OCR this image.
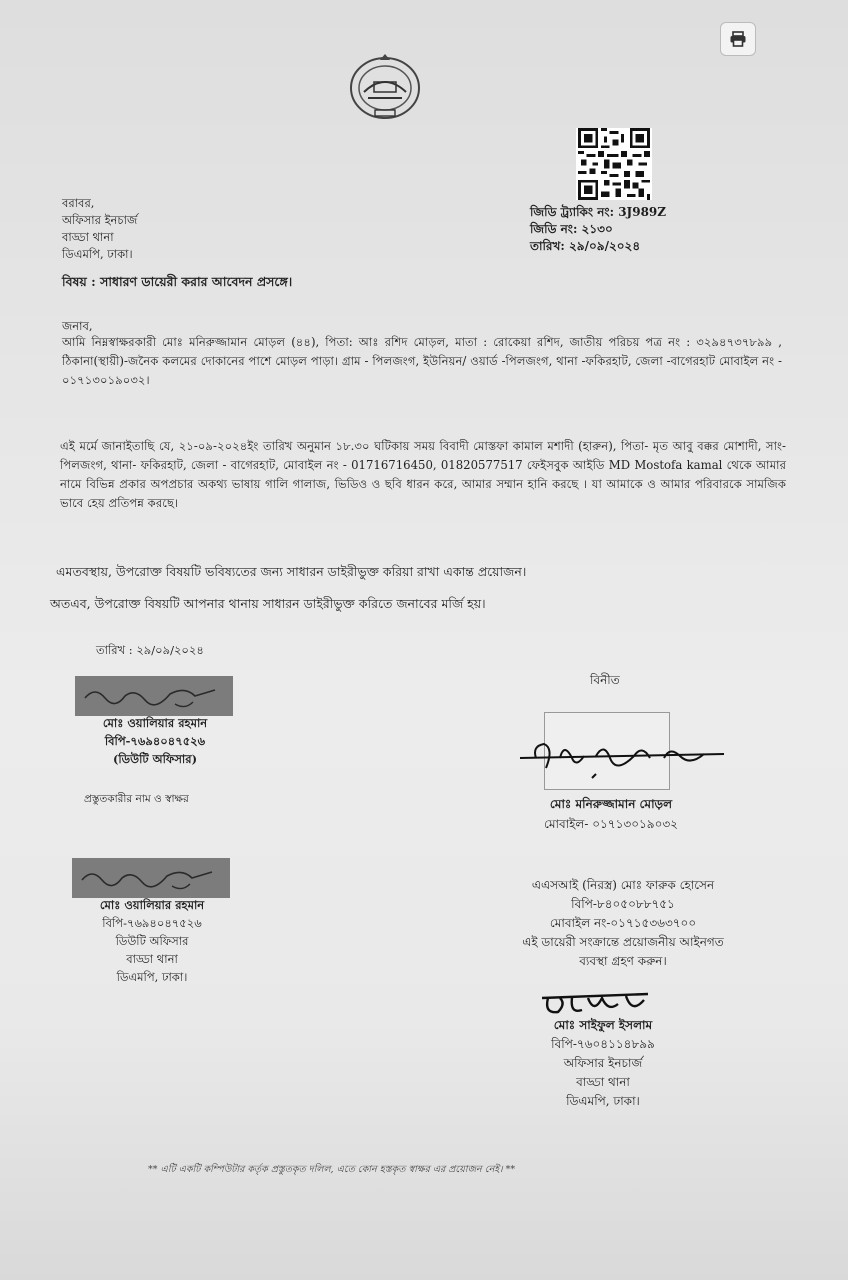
জিডি ট্র্যাকিং নং: 3J989Z
জিডি নং: ২১৩০
তারিখ: ২৯/০৯/২০২৪
বরাবর,
অফিসার ইনচার্জ
বাড্ডা থানা
ডিএমপি, ঢাকা।
বিষয় : সাধারণ ডায়েরী করার আবেদন প্রসঙ্গে।
জনাব,
আমি নিম্নস্বাক্ষরকারী মোঃ মনিরুজ্জামান মোড়ল (৪৪), পিতা: আঃ রশিদ মোড়ল, মাতা : রোকেয়া রশিদ, জাতীয় পরিচয় পত্র নং : ৩২৯৪৭৩৭৮৯৯ , ঠিকানা(স্থায়ী)-জনৈক কলমের দোকানের পাশে মোড়ল পাড়া। গ্রাম - পিলজংগ, ইউনিয়ন/ ওয়ার্ড -পিলজংগ, থানা -ফকিরহাট, জেলা -বাগেরহাট মোবাইল নং - ০১৭১৩০১৯০৩২।
এই মর্মে জানাইতাছি যে, ২১-০৯-২০২৪ইং তারিখ অনুমান ১৮.৩০ ঘটিকায় সময় বিবাদী মোস্তফা কামাল মশাদী (হারুন), পিতা- মৃত আবু বক্কর মোশাদী, সাং- পিলজংগ, থানা- ফকিরহাট, জেলা - বাগেরহাট, মোবাইল নং - 01716716450, 01820577517 ফেইসবুক আইডি MD Mostofa kamal থেকে আমার নামে বিভিন্ন প্রকার অপপ্রচার অকথ্য ভাষায় গালি গালাজ, ভিডিও ও ছবি ধারন করে, আমার সম্মান হানি করছে । যা আমাকে ও আমার পরিবারকে সামজিক ভাবে হেয় প্রতিপন্ন করছে।
এমতবস্থায়, উপরোক্ত বিষয়টি ভবিষ্যতের জন্য সাধারন ডাইরীভুক্ত করিয়া রাখা একান্ত প্রয়োজন।
অতএব, উপরোক্ত বিষয়টি আপনার থানায় সাধারন ডাইরীভুক্ত করিতে জনাবের মর্জি হয়।
তারিখ : ২৯/০৯/২০২৪
বিনীত
মোঃ ওয়ালিয়ার রহমান
বিপি-৭৬৯৪০৪৭৫২৬
(ডিউটি অফিসার)
প্রস্তুতকারীর নাম ও স্বাক্ষর
মোঃ ওয়ালিয়ার রহমান
বিপি-৭৬৯৪০৪৭৫২৬
ডিউটি অফিসার
বাড্ডা থানা
ডিএমপি, ঢাকা।
মোঃ মনিরুজ্জামান মোড়ল
মোবাইল- ০১৭১৩০১৯০৩২
এএসআই (নিরস্ত্র) মোঃ ফারুক হোসেন
বিপি-৮৪০৫০৮৮৭৫১
মোবাইল নং-০১৭১৫৩৬৩৭০০
এই ডায়েরী সংক্রান্তে প্রয়োজনীয় আইনগত
ব্যবস্থা গ্রহণ করুন।
মোঃ সাইফুল ইসলাম
বিপি-৭৬০৪১১৪৮৯৯
অফিসার ইনচার্জ
বাড্ডা থানা
ডিএমপি, ঢাকা।
** এটি একটি কম্পিউটার কর্তৃক প্রস্তুতকৃত দলিল, এতে কোন হস্তকৃত স্বাক্ষর এর প্রয়োজন নেই। **
